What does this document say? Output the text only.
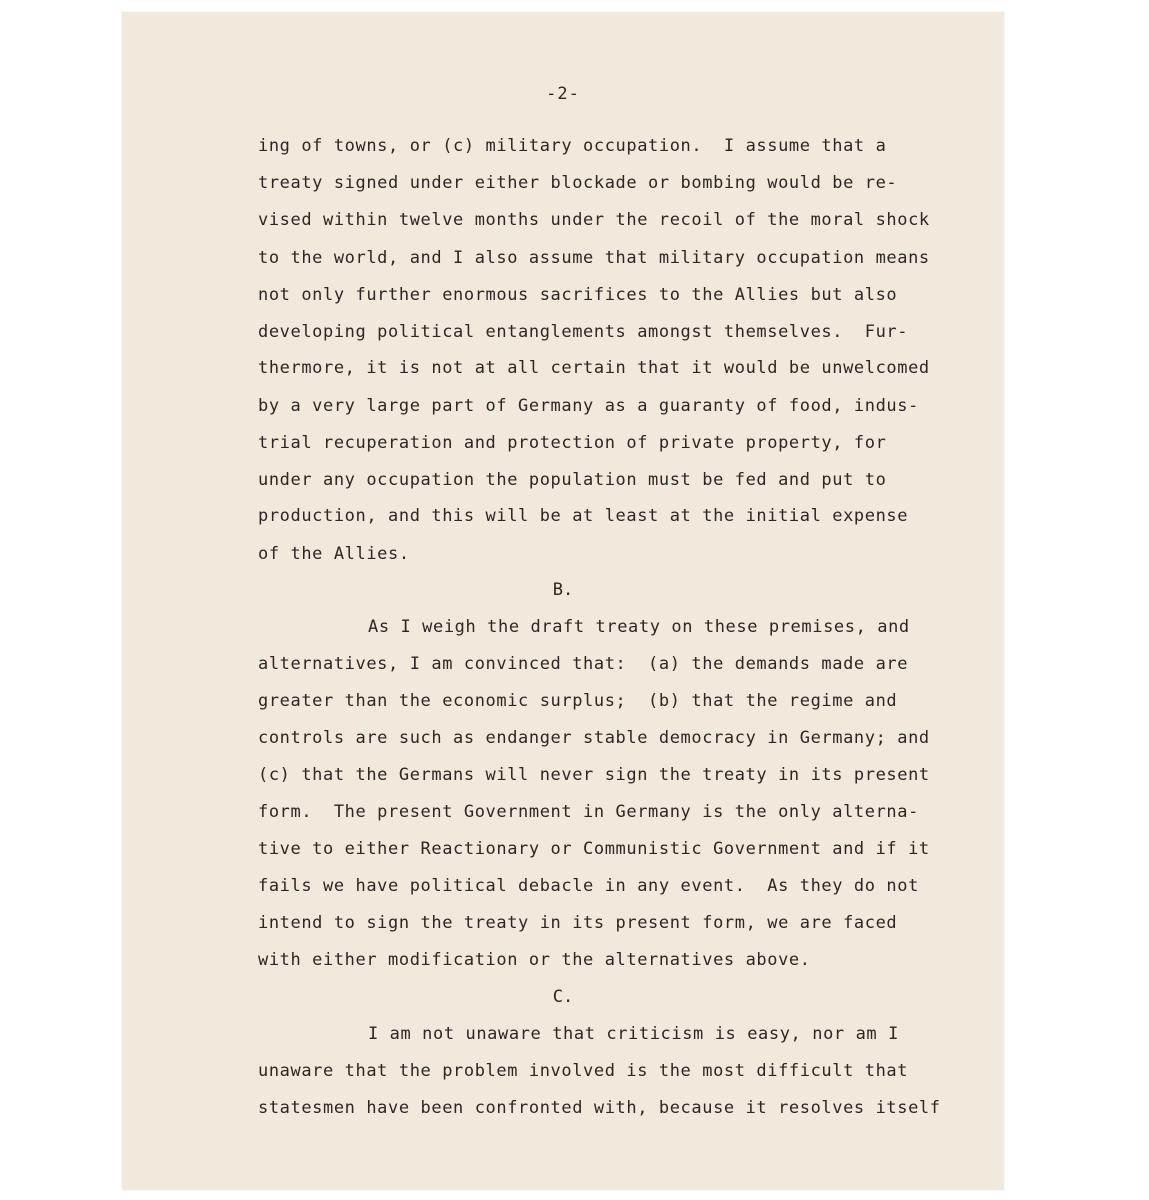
-2-
ing of towns, or (c) military occupation.  I assume that a
treaty signed under either blockade or bombing would be re-
vised within twelve months under the recoil of the moral shock
to the world, and I also assume that military occupation means
not only further enormous sacrifices to the Allies but also
developing political entanglements amongst themselves.  Fur-
thermore, it is not at all certain that it would be unwelcomed
by a very large part of Germany as a guaranty of food, indus-
trial recuperation and protection of private property, for
under any occupation the population must be fed and put to
production, and this will be at least at the initial expense
of the Allies.
B.
As I weigh the draft treaty on these premises, and
alternatives, I am convinced that:  (a) the demands made are
greater than the economic surplus;  (b) that the regime and
controls are such as endanger stable democracy in Germany; and
(c) that the Germans will never sign the treaty in its present
form.  The present Government in Germany is the only alterna-
tive to either Reactionary or Communistic Government and if it
fails we have political debacle in any event.  As they do not
intend to sign the treaty in its present form, we are faced
with either modification or the alternatives above.
C.
I am not unaware that criticism is easy, nor am I
unaware that the problem involved is the most difficult that
statesmen have been confronted with, because it resolves itself
